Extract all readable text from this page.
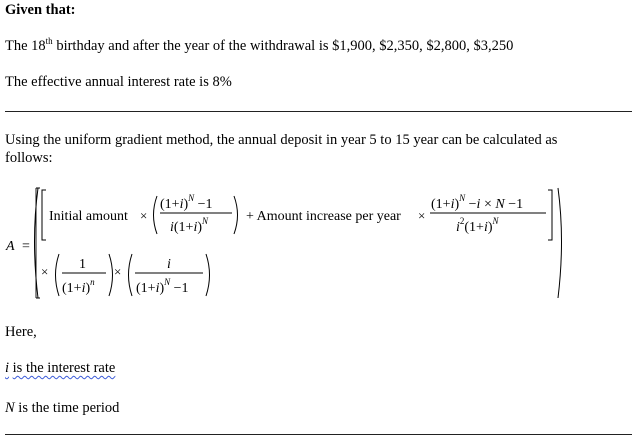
Given that:
The 18th birthday and after the year of the withdrawal is $1,900, $2,350, $2,800, $3,250
The effective annual interest rate is 8%
Using the uniform gradient method, the annual deposit in year 5 to 15 year can be calculated as
follows:
A =
Initial amount ×
$(1+i)^N -1$
$i(1+i)^N$	+ Amount increase per year ×
$(1+i)^N -i \times N -1$
$i^2(1+i)^N$
× 1
$(1+i)^n$
×	i
$(1+i)^N -1$
Here,
i is the interest rate
N is the time period
